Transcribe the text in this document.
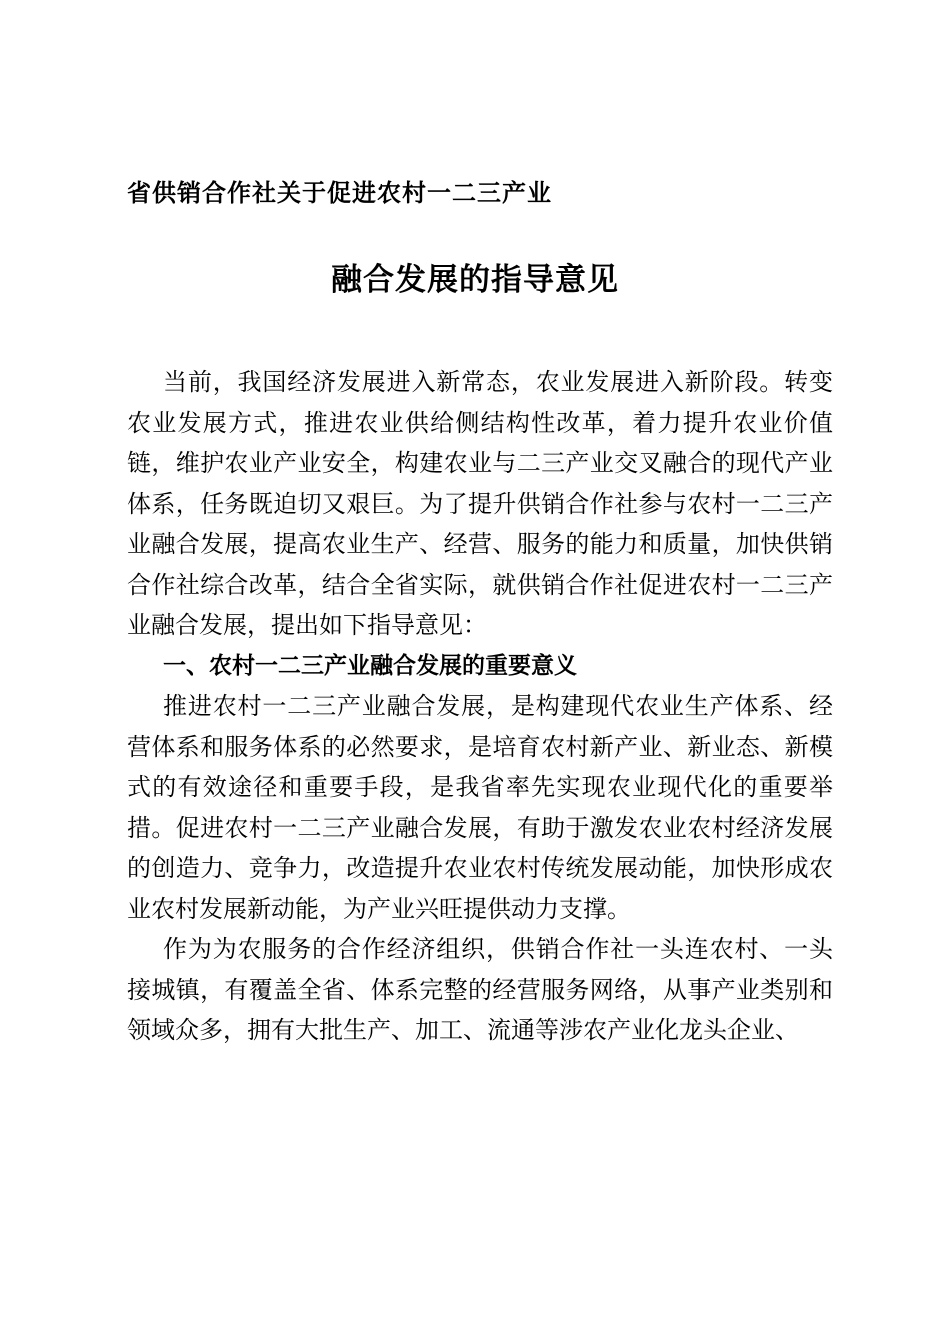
省供销合作社关于促进农村一二三产业
融合发展的指导意见

当前，我国经济发展进入新常态，农业发展进入新阶段。转变农业发展方式，推进农业供给侧结构性改革，着力提升农业价值链，维护农业产业安全，构建农业与二三产业交叉融合的现代产业体系，任务既迫切又艰巨。为了提升供销合作社参与农村一二三产业融合发展，提高农业生产、经营、服务的能力和质量，加快供销合作社综合改革，结合全省实际，就供销合作社促进农村一二三产业融合发展，提出如下指导意见：

一、农村一二三产业融合发展的重要意义

推进农村一二三产业融合发展，是构建现代农业生产体系、经营体系和服务体系的必然要求，是培育农村新产业、新业态、新模式的有效途径和重要手段，是我省率先实现农业现代化的重要举措。促进农村一二三产业融合发展，有助于激发农业农村经济发展的创造力、竞争力，改造提升农业农村传统发展动能，加快形成农业农村发展新动能，为产业兴旺提供动力支撑。

作为为农服务的合作经济组织，供销合作社一头连农村、一头接城镇，有覆盖全省、体系完整的经营服务网络，从事产业类别和领域众多，拥有大批生产、加工、流通等涉农产业化龙头企业、
